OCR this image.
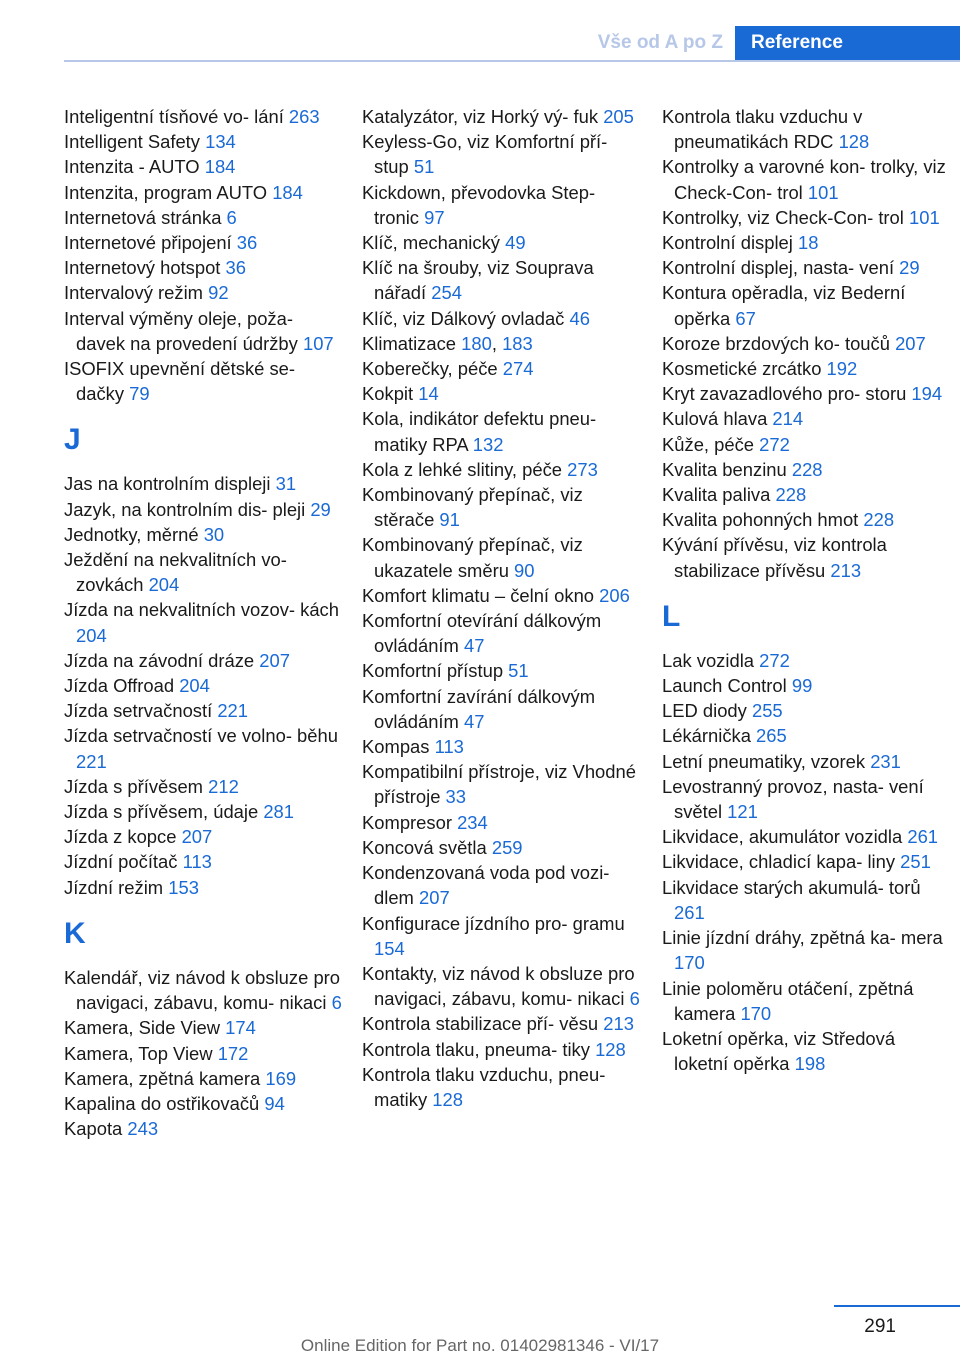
Vše od A po Z	Reference
Inteligentní tísňové vo‐ lání 263
Intelligent Safety 134
Intenzita - AUTO 184
Intenzita, program AUTO 184
Internetová stránka 6
Internetové připojení 36
Internetový hotspot 36
Intervalový režim 92
Interval výměny oleje, poža‐ davek na provedení údržby 107
ISOFIX upevnění dětské se‐ dačky 79
J
Jas na kontrolním displeji 31
Jazyk, na kontrolním dis‐ pleji 29
Jednotky, měrné 30
Ježdění na nekvalitních vo‐ zovkách 204
Jízda na nekvalitních vozov‐ kách 204
Jízda na závodní dráze 207
Jízda Offroad 204
Jízda setrvačností 221
Jízda setrvačností ve volno‐ běhu 221
Jízda s přívěsem 212
Jízda s přívěsem, údaje 281
Jízda z kopce 207
Jízdní počítač 113
Jízdní režim 153
K
Kalendář, viz návod k obsluze pro navigaci, zábavu, komu‐ nikaci 6
Kamera, Side View 174
Kamera, Top View 172
Kamera, zpětná kamera 169
Kapalina do ostřikovačů 94
Kapota 243
Katalyzátor, viz Horký vý‐ fuk 205
Keyless-Go, viz Komfortní pří‐ stup 51
Kickdown, převodovka Step‐ tronic 97
Klíč, mechanický 49
Klíč na šrouby, viz Souprava nářadí 254
Klíč, viz Dálkový ovladač 46
Klimatizace 180, 183
Koberečky, péče 274
Kokpit 14
Kola, indikátor defektu pneu‐ matiky RPA 132
Kola z lehké slitiny, péče 273
Kombinovaný přepínač, viz stěrače 91
Kombinovaný přepínač, viz ukazatele směru 90
Komfort klimatu – čelní okno 206
Komfortní otevírání dálkovým ovládáním 47
Komfortní přístup 51
Komfortní zavírání dálkovým ovládáním 47
Kompas 113
Kompatibilní přístroje, viz Vhodné přístroje 33
Kompresor 234
Koncová světla 259
Kondenzovaná voda pod vozi‐ dlem 207
Konfigurace jízdního pro‐ gramu 154
Kontakty, viz návod k obsluze pro navigaci, zábavu, komu‐ nikaci 6
Kontrola stabilizace pří‐ věsu 213
Kontrola tlaku, pneuma‐ tiky 128
Kontrola tlaku vzduchu, pneu‐ matiky 128
Kontrola tlaku vzduchu v pneumatikách RDC 128
Kontrolky a varovné kon‐ trolky, viz Check-Con‐ trol 101
Kontrolky, viz Check-Con‐ trol 101
Kontrolní displej 18
Kontrolní displej, nasta‐ vení 29
Kontura opěradla, viz Bederní opěrka 67
Koroze brzdových ko‐ toučů 207
Kosmetické zrcátko 192
Kryt zavazadlového pro‐ storu 194
Kulová hlava 214
Kůže, péče 272
Kvalita benzinu 228
Kvalita paliva 228
Kvalita pohonných hmot 228
Kývání přívěsu, viz kontrola stabilizace přívěsu 213
L
Lak vozidla 272
Launch Control 99
LED diody 255
Lékárnička 265
Letní pneumatiky, vzorek 231
Levostranný provoz, nasta‐ vení světel 121
Likvidace, akumulátor vozidla 261
Likvidace, chladicí kapa‐ liny 251
Likvidace starých akumulá‐ torů 261
Linie jízdní dráhy, zpětná ka‐ mera 170
Linie poloměru otáčení, zpětná kamera 170
Loketní opěrka, viz Středová loketní opěrka 198
291
Online Edition for Part no. 01402981346 - VI/17
